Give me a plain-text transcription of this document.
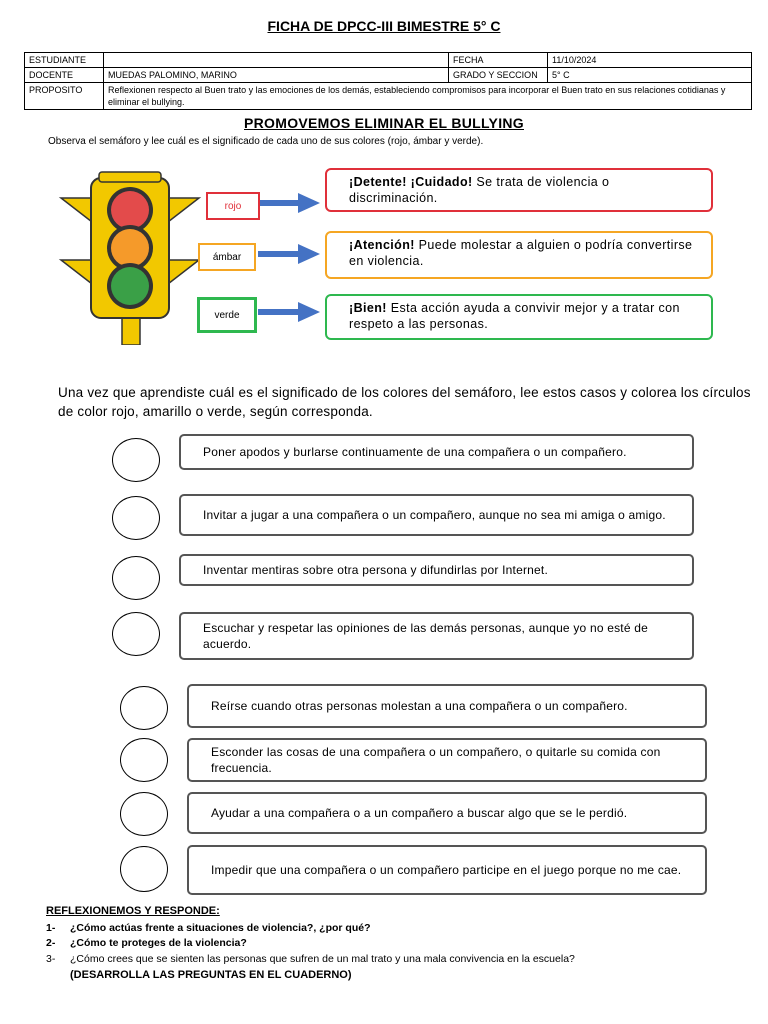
FICHA DE DPCC-III BIMESTRE 5° C
ESTUDIANTE		FECHA	11/10/2024
DOCENTE	MUEDAS PALOMINO, MARINO	GRADO Y SECCION	5° C
PROPOSITO	Reflexionen respecto al Buen trato y las emociones de los demás, estableciendo compromisos para incorporar el Buen trato en sus relaciones cotidianas y eliminar el bullying.		
PROMOVEMOS ELIMINAR EL BULLYING
Observa el semáforo y lee cuál es el significado de cada uno de sus colores (rojo, ámbar y verde).
rojo
ámbar
verde
¡Detente! ¡Cuidado! Se trata de violencia o discriminación.
¡Atención! Puede molestar a alguien o podría convertirse en violencia.
¡Bien! Esta acción ayuda a convivir mejor y a tratar con respeto a las personas.
Una vez que aprendiste cuál es el significado de los colores del semáforo, lee estos casos y colorea los círculos de color rojo, amarillo o verde, según corresponda.
Poner apodos y burlarse continuamente de una compañera o un compañero.
Invitar a jugar a una compañera o un compañero, aunque no sea mi amiga o amigo.
Inventar mentiras sobre otra persona y difundirlas por Internet.
Escuchar y respetar las opiniones de las demás personas, aunque yo no esté de acuerdo.
Reírse cuando otras personas molestan a una compañera o un compañero.
Esconder las cosas de una compañera o un compañero, o quitarle su comida con frecuencia.
Ayudar a una compañera o a un compañero a buscar algo que se le perdió.
Impedir que una compañera o un compañero participe en el juego porque no me cae.
REFLEXIONEMOS Y RESPONDE:
1- ¿Cómo actúas frente a situaciones de violencia?, ¿por qué?
2- ¿Cómo te proteges de la violencia?
3- ¿Cómo crees que se sienten las personas que sufren de un mal trato y una mala convivencia en la escuela?
(DESARROLLA LAS PREGUNTAS EN EL CUADERNO)
